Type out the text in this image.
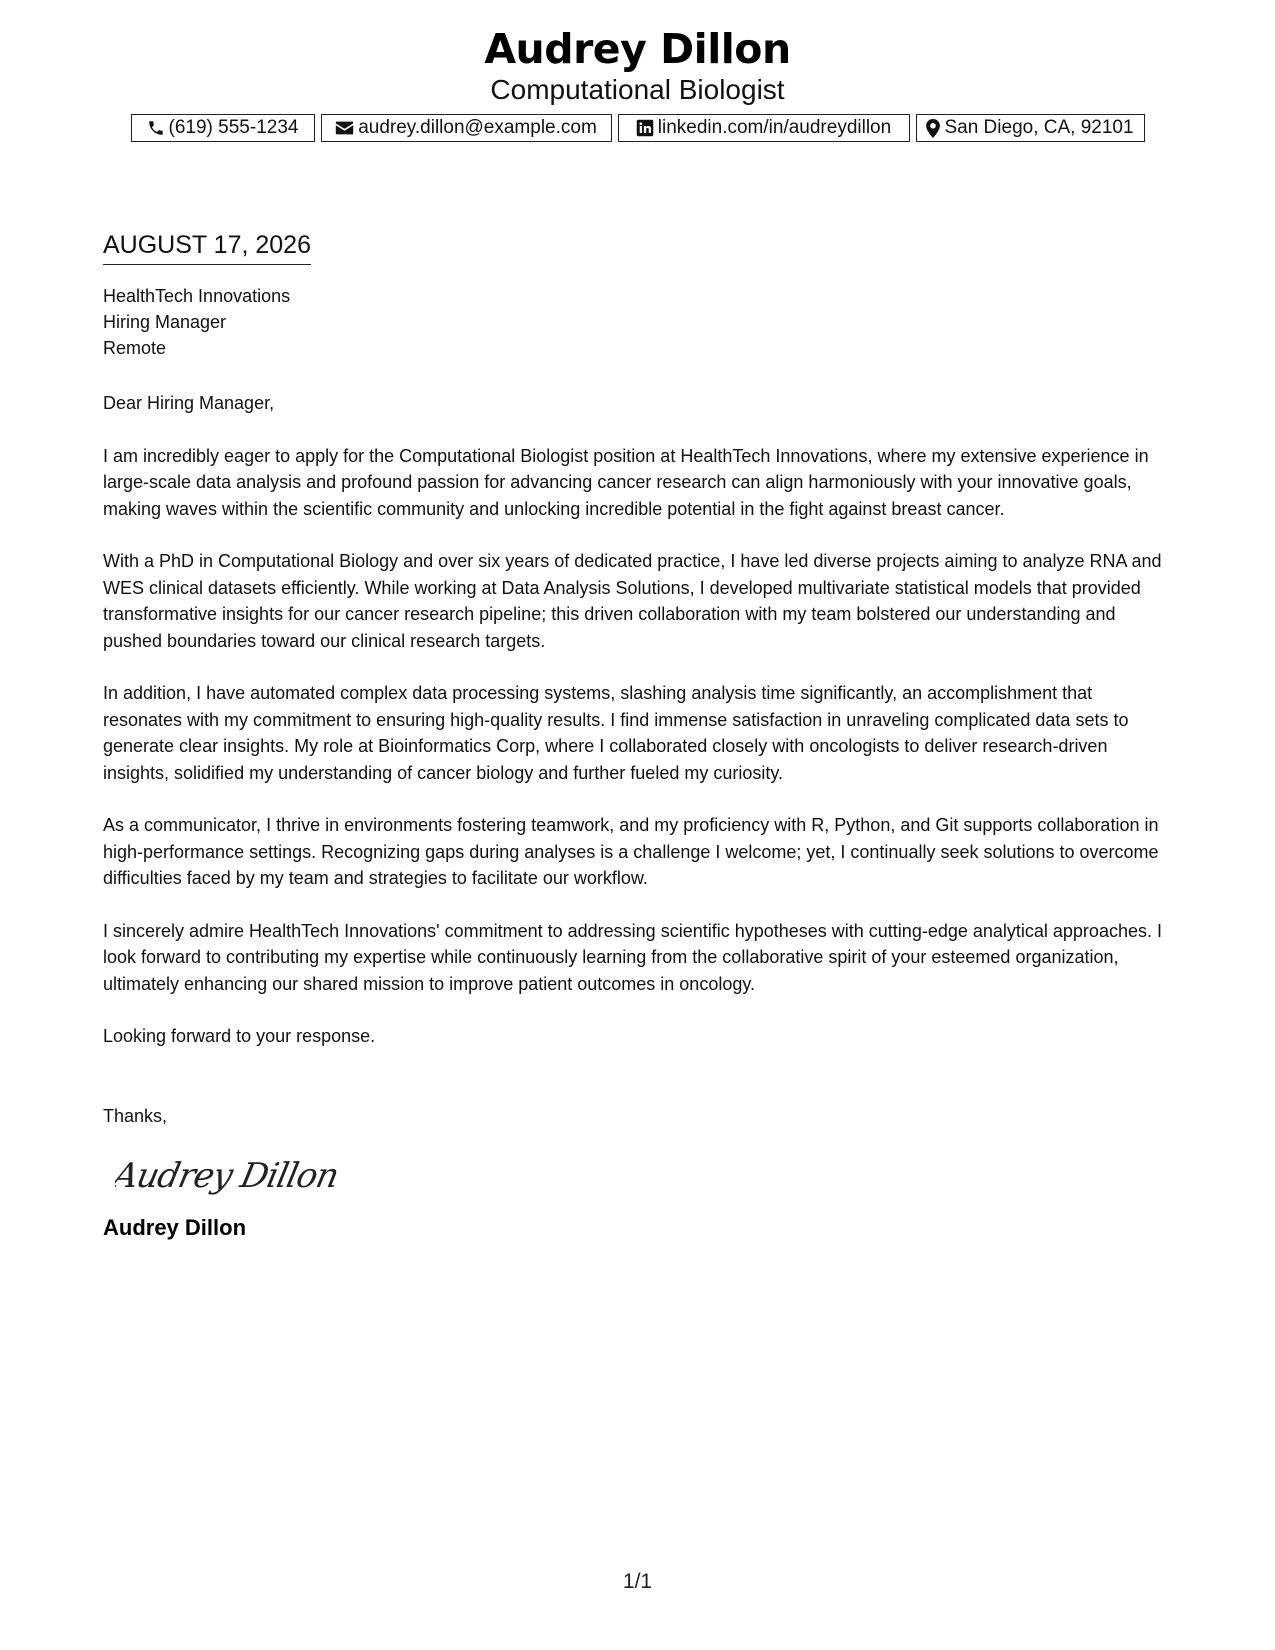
Audrey Dillon
Computational Biologist
(619) 555-1234	audrey.dillon@example.com	linkedin.com/in/audreydillon	San Diego, CA, 92101
AUGUST 17, 2026
HealthTech Innovations
Hiring Manager
Remote
Dear Hiring Manager,

I am incredibly eager to apply for the Computational Biologist position at HealthTech Innovations, where my extensive experience in large-scale data analysis and profound passion for advancing cancer research can align harmoniously with your innovative goals, making waves within the scientific community and unlocking incredible potential in the fight against breast cancer.

With a PhD in Computational Biology and over six years of dedicated practice, I have led diverse projects aiming to analyze RNA and WES clinical datasets efficiently. While working at Data Analysis Solutions, I developed multivariate statistical models that provided transformative insights for our cancer research pipeline; this driven collaboration with my team bolstered our understanding and pushed boundaries toward our clinical research targets.

In addition, I have automated complex data processing systems, slashing analysis time significantly, an accomplishment that resonates with my commitment to ensuring high-quality results. I find immense satisfaction in unraveling complicated data sets to generate clear insights. My role at Bioinformatics Corp, where I collaborated closely with oncologists to deliver research-driven insights, solidified my understanding of cancer biology and further fueled my curiosity.

As a communicator, I thrive in environments fostering teamwork, and my proficiency with R, Python, and Git supports collaboration in high-performance settings. Recognizing gaps during analyses is a challenge I welcome; yet, I continually seek solutions to overcome difficulties faced by my team and strategies to facilitate our workflow.

I sincerely admire HealthTech Innovations' commitment to addressing scientific hypotheses with cutting-edge analytical approaches. I look forward to contributing my expertise while continuously learning from the collaborative spirit of your esteemed organization, ultimately enhancing our shared mission to improve patient outcomes in oncology.

Looking forward to your response.
Thanks,
Audrey Dillon
Audrey Dillon
1/1
